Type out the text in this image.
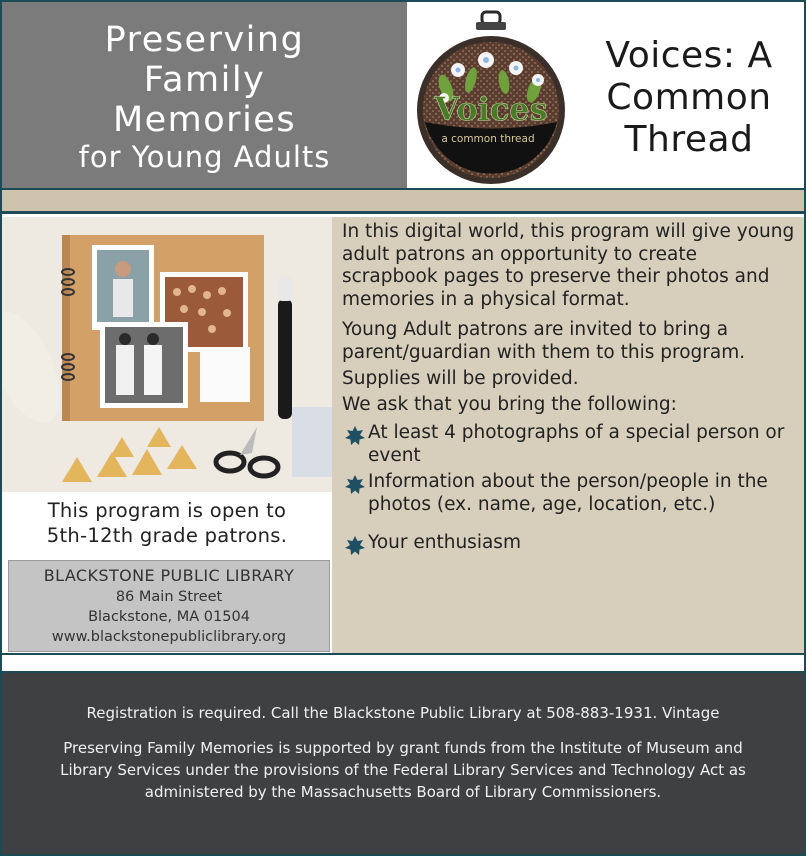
Preserving
Family
Memories
for Young Adults
Voices
a common thread
Voices: A Common Thread
This program is open to
5th-12th grade patrons.
BLACKSTONE PUBLIC LIBRARY
86 Main Street
Blackstone, MA 01504
www.blackstonepubliclibrary.org

In this digital world, this program will give young adult patrons an opportunity to create scrapbook pages to preserve their photos and memories in a physical format.

Young Adult patrons are invited to bring a parent/guardian with them to this program.

Supplies will be provided.

We ask that you bring the following:

At least 4 photographs of a special person or event
Information about the person/people in the photos (ex. name, age, location, etc.)
Your enthusiasm
Registration is required. Call the Blackstone Public Library at 508-883-1931. Vintage
Preserving Family Memories is supported by grant funds from the Institute of Museum and Library Services under the provisions of the Federal Library Services and Technology Act as administered by the Massachusetts Board of Library Commissioners.
